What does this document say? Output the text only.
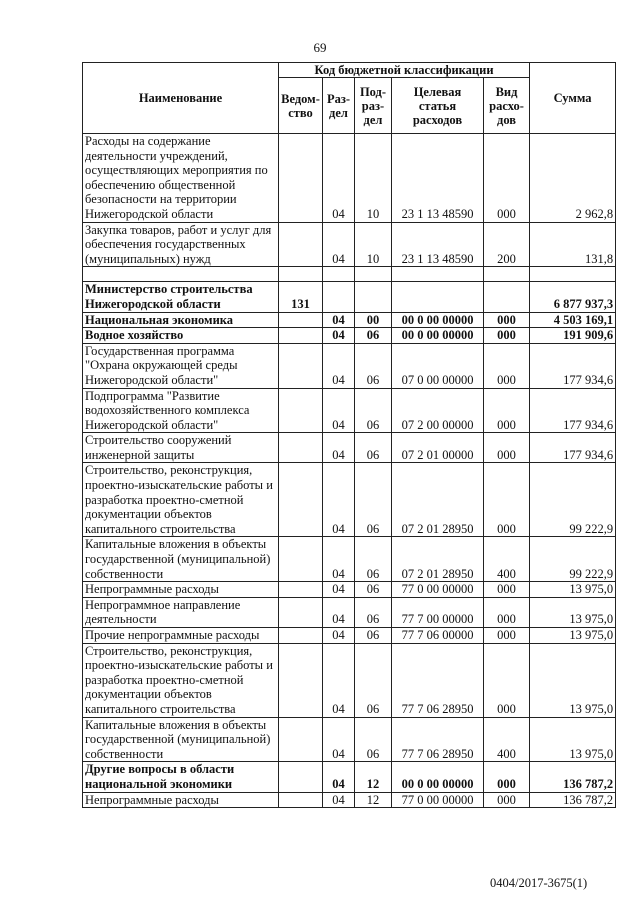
69
Наименование	Код бюджетной классификации					Сумма
	Ведом-ство	Раз-дел	Под-раз-дел	Целевая статья расходов	Вид расхо-дов	
Расходы на содержание деятельности учреждений, осуществляющих мероприятия по обеспечению общественной безопасности на территории Нижегородской области		04	10	23 1 13 48590	000	2 962,8
Закупка товаров, работ и услуг для обеспечения государственных (муниципальных) нужд		04	10	23 1 13 48590	200	131,8

Министерство строительства Нижегородской области	131					6 877 937,3
Национальная экономика		04	00	00 0 00 00000	000	4 503 169,1
Водное хозяйство		04	06	00 0 00 00000	000	191 909,6
Государственная программа "Охрана окружающей среды Нижегородской области"		04	06	07 0 00 00000	000	177 934,6
Подпрограмма "Развитие водохозяйственного комплекса Нижегородской области"		04	06	07 2 00 00000	000	177 934,6
Строительство сооружений инженерной защиты		04	06	07 2 01 00000	000	177 934,6
Строительство, реконструкция, проектно-изыскательские работы и разработка проектно-сметной документации объектов капитального строительства		04	06	07 2 01 28950	000	99 222,9
Капитальные вложения в объекты государственной (муниципальной) собственности		04	06	07 2 01 28950	400	99 222,9
Непрограммные расходы		04	06	77 0 00 00000	000	13 975,0
Непрограммное направление деятельности		04	06	77 7 00 00000	000	13 975,0
Прочие непрограммные расходы		04	06	77 7 06 00000	000	13 975,0
Строительство, реконструкция, проектно-изыскательские работы и разработка проектно-сметной документации объектов капитального строительства		04	06	77 7 06 28950	000	13 975,0
Капитальные вложения в объекты государственной (муниципальной) собственности		04	06	77 7 06 28950	400	13 975,0
Другие вопросы в области национальной экономики		04	12	00 0 00 00000	000	136 787,2
Непрограммные расходы		04	12	77 0 00 00000	000	136 787,2
0404/2017-3675(1)
